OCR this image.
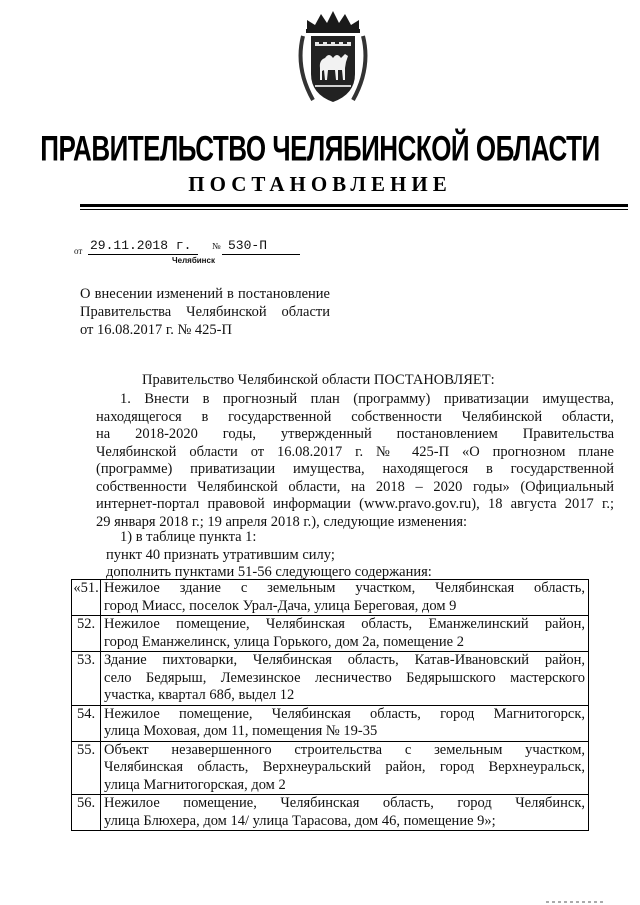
ПРАВИТЕЛЬСТВО ЧЕЛЯБИНСКОЙ ОБЛАСТИ
ПОСТАНОВЛЕНИЕ
от 29.11.2018 г. № 530-П
Челябинск
О внесении изменений в постановление
Правительства Челябинской области
от 16.08.2017 г. № 425-П
Правительство Челябинской области ПОСТАНОВЛЯЕТ:
1. Внести в прогнозный план (программу) приватизации имущества,
находящегося в государственной собственности Челябинской области,
на 2018-2020 годы, утвержденный постановлением Правительства
Челябинской области от 16.08.2017 г. № 425-П «О прогнозном плане
(программе) приватизации имущества, находящегося в государственной
собственности Челябинской области, на 2018 – 2020 годы» (Официальный
интернет-портал правовой информации (www.pravo.gov.ru), 18 августа 2017 г.;
29 января 2018 г.; 19 апреля 2018 г.), следующие изменения:
1) в таблице пункта 1:
пункт 40 признать утратившим силу;
дополнить пунктами 51-56 следующего содержания:
«51.	Нежилое здание с земельным участком, Челябинская область,
город Миасс, поселок Урал-Дача, улица Береговая, дом 9

52.	Нежилое помещение, Челябинская область, Еманжелинский район,
город Еманжелинск, улица Горького, дом 2а, помещение 2

53.	Здание пихтоварки, Челябинская область, Катав-Ивановский район,
село Бедярыш, Лемезинское лесничество Бедярышского мастерского
участка, квартал 68б, выдел 12

54.	Нежилое помещение, Челябинская область, город Магнитогорск,
улица Моховая, дом 11, помещения № 19-35

55.	Объект незавершенного строительства с земельным участком,
Челябинская область, Верхнеуральский район, город Верхнеуральск,
улица Магнитогорская, дом 2

56.	Нежилое помещение, Челябинская область, город Челябинск,
улица Блюхера, дом 14/ улица Тарасова, дом 46, помещение 9»;
